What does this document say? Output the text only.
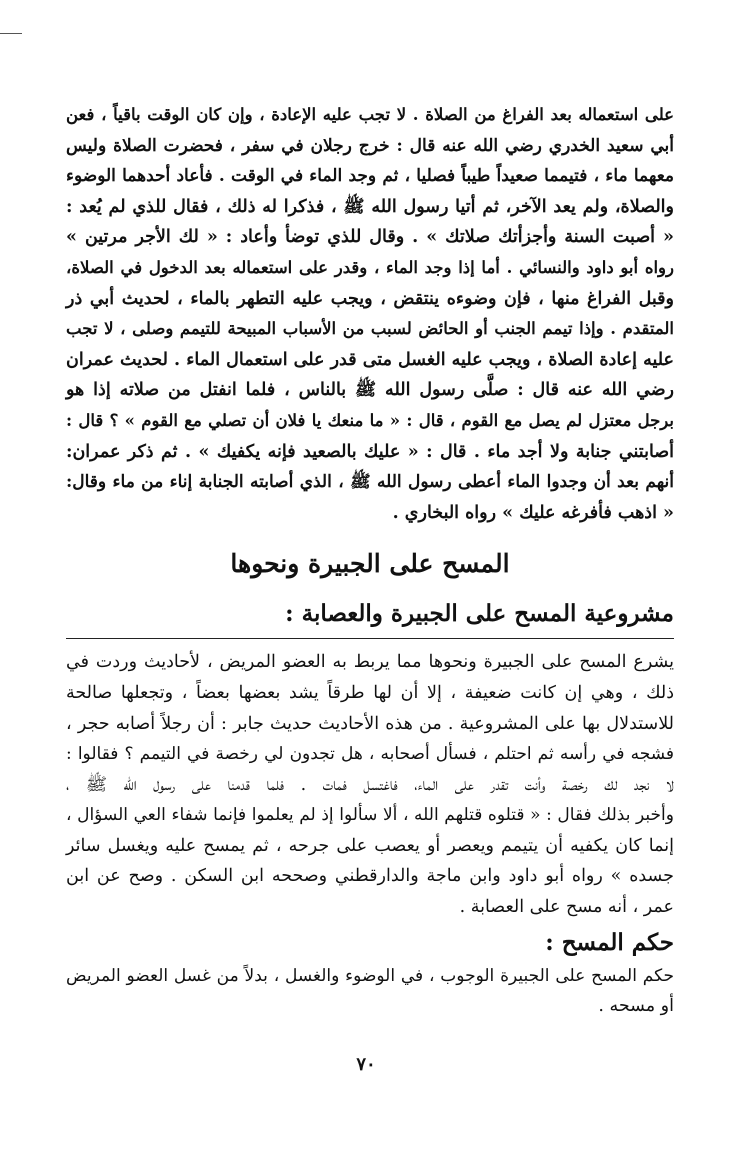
على استعماله بعد الفراغ من الصلاة . لا تجب عليه الإعادة ، وإن كان الوقت باقياً ، فعن
أبي سعيد الخدري رضي الله عنه قال : خرج رجلان في سفر ، فحضرت الصلاة وليس
معهما ماء ، فتيمما صعيداً طيباً فصليا ، ثم وجد الماء في الوقت . فأعاد أحدهما الوضوء
والصلاة، ولم يعد الآخر، ثم أتيا رسول الله ﷺ ، فذكرا له ذلك ، فقال للذي لم يُعد :
« أصبت السنة وأجزأتك صلاتك » . وقال للذي توضأ وأعاد : « لك الأجر مرتين »
رواه أبو داود والنسائي . أما إذا وجد الماء ، وقدر على استعماله بعد الدخول في الصلاة،
وقبل الفراغ منها ، فإن وضوءه ينتقض ، ويجب عليه التطهر بالماء ، لحديث أبي ذر
المتقدم . وإذا تيمم الجنب أو الحائض لسبب من الأسباب المبيحة للتيمم وصلى ، لا تجب
عليه إعادة الصلاة ، ويجب عليه الغسل متى قدر على استعمال الماء . لحديث عمران
رضي الله عنه قال : صلَّى رسول الله ﷺ بالناس ، فلما انفتل من صلاته إذا هو
برجل معتزل لم يصل مع القوم ، قال : « ما منعك يا فلان أن تصلي مع القوم » ؟ قال :
أصابتني جنابة ولا أجد ماء . قال : « عليك بالصعيد فإنه يكفيك » . ثم ذكر عمران:
أنهم بعد أن وجدوا الماء أعطى رسول الله ﷺ ، الذي أصابته الجنابة إناء من ماء وقال:
« اذهب فأفرغه عليك » رواه البخاري .
المسح على الجبيرة ونحوها
مشروعية المسح على الجبيرة والعصابة :
يشرع المسح على الجبيرة ونحوها مما يربط به العضو المريض ، لأحاديث وردت في
ذلك ، وهي إن كانت ضعيفة ، إلا أن لها طرقاً يشد بعضها بعضاً ، وتجعلها صالحة
للاستدلال بها على المشروعية . من هذه الأحاديث حديث جابر : أن رجلاً أصابه حجر ،
فشجه في رأسه ثم احتلم ، فسأل أصحابه ، هل تجدون لي رخصة في التيمم ؟ فقالوا :
لا نجد لك رخصة وأنت تقدر على الماء، فاغتسل فمات . فلما قدمنا على رسول الله ﷺ ،
وأخبر بذلك فقال : « قتلوه قتلهم الله ، ألا سألوا إذ لم يعلموا فإنما شفاء العي السؤال ،
إنما كان يكفيه أن يتيمم ويعصر أو يعصب على جرحه ، ثم يمسح عليه ويغسل سائر
جسده » رواه أبو داود وابن ماجة والدارقطني وصححه ابن السكن . وصح عن ابن
عمر ، أنه مسح على العصابة .
حكم المسح :
حكم المسح على الجبيرة الوجوب ، في الوضوء والغسل ، بدلاً من غسل العضو المريض
أو مسحه .
٧٠
